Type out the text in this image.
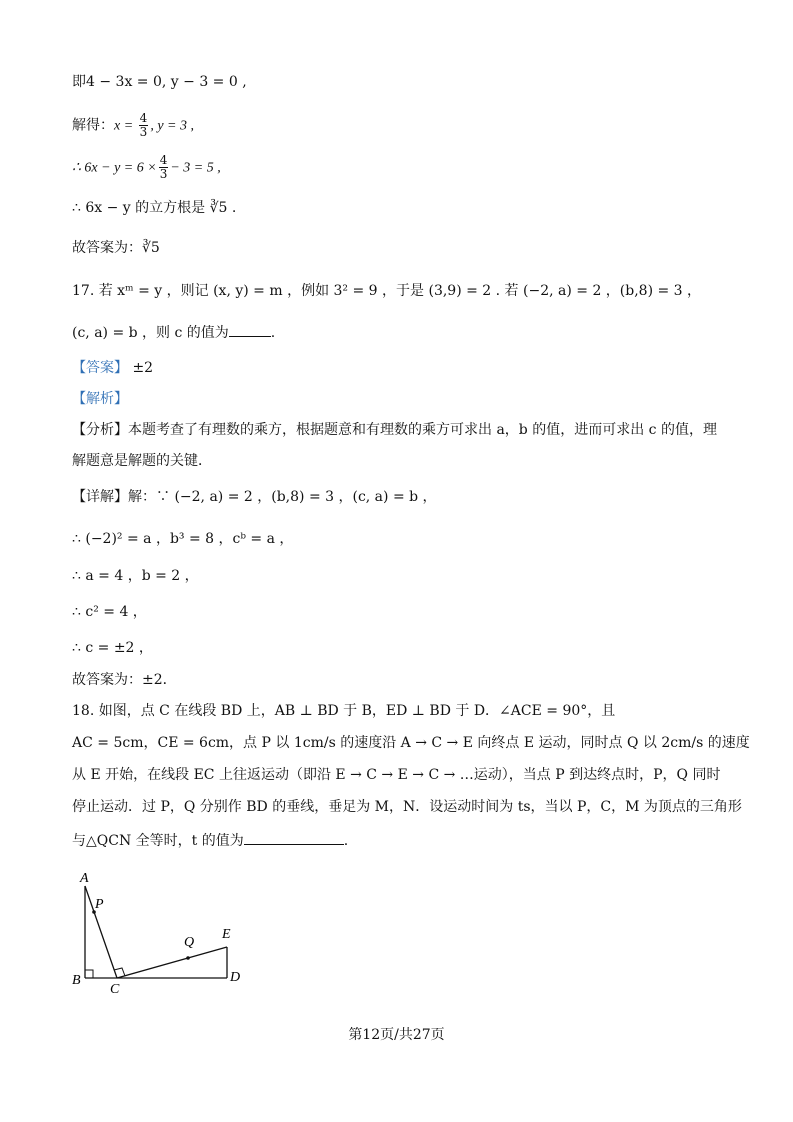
即4 − 3x = 0, y − 3 = 0 ,
解得：$x = \frac{4}{3}$ , y = 3 ,
∴ $6x - y = 6 \times \frac{4}{3} - 3 = 5$ ,
∴ 6x − y 的立方根是 ∛5 .
故答案为：∛5
17. 若 xᵐ = y ，则记 (x, y) = m ，例如 3² = 9 ，于是 (3,9) = 2 . 若 (−2, a) = 2 ，(b,8) = 3 ，
(c, a) = b ，则 c 的值为	.
【答案】 ±2
【解析】
【分析】本题考查了有理数的乘方，根据题意和有理数的乘方可求出 a，b 的值，进而可求出 c 的值，理
解题意是解题的关键．
【详解】解：∵ (−2, a) = 2 ，(b,8) = 3 ，(c, a) = b ，
∴ (−2)² = a ，b³ = 8 ，cᵇ = a ，
∴ a = 4 ，b = 2 ，
∴ c² = 4 ，
∴ c = ±2 ，
故答案为：±2．
18. 如图，点 C 在线段 BD 上，AB ⊥ BD 于 B，ED ⊥ BD 于 D．∠ACE = 90°，且
AC = 5cm，CE = 6cm，点 P 以 1cm/s 的速度沿 A → C → E 向终点 E 运动，同时点 Q 以 2cm/s 的速度
从 E 开始，在线段 EC 上往返运动（即沿 E → C → E → C → …运动），当点 P 到达终点时，P，Q 同时
停止运动．过 P，Q 分别作 BD 的垂线，垂足为 M，N．设运动时间为 ts，当以 P，C，M 为顶点的三角形
与△QCN 全等时，t 的值为	.
A
P
Q
E
B
C
D
第12页/共27页
